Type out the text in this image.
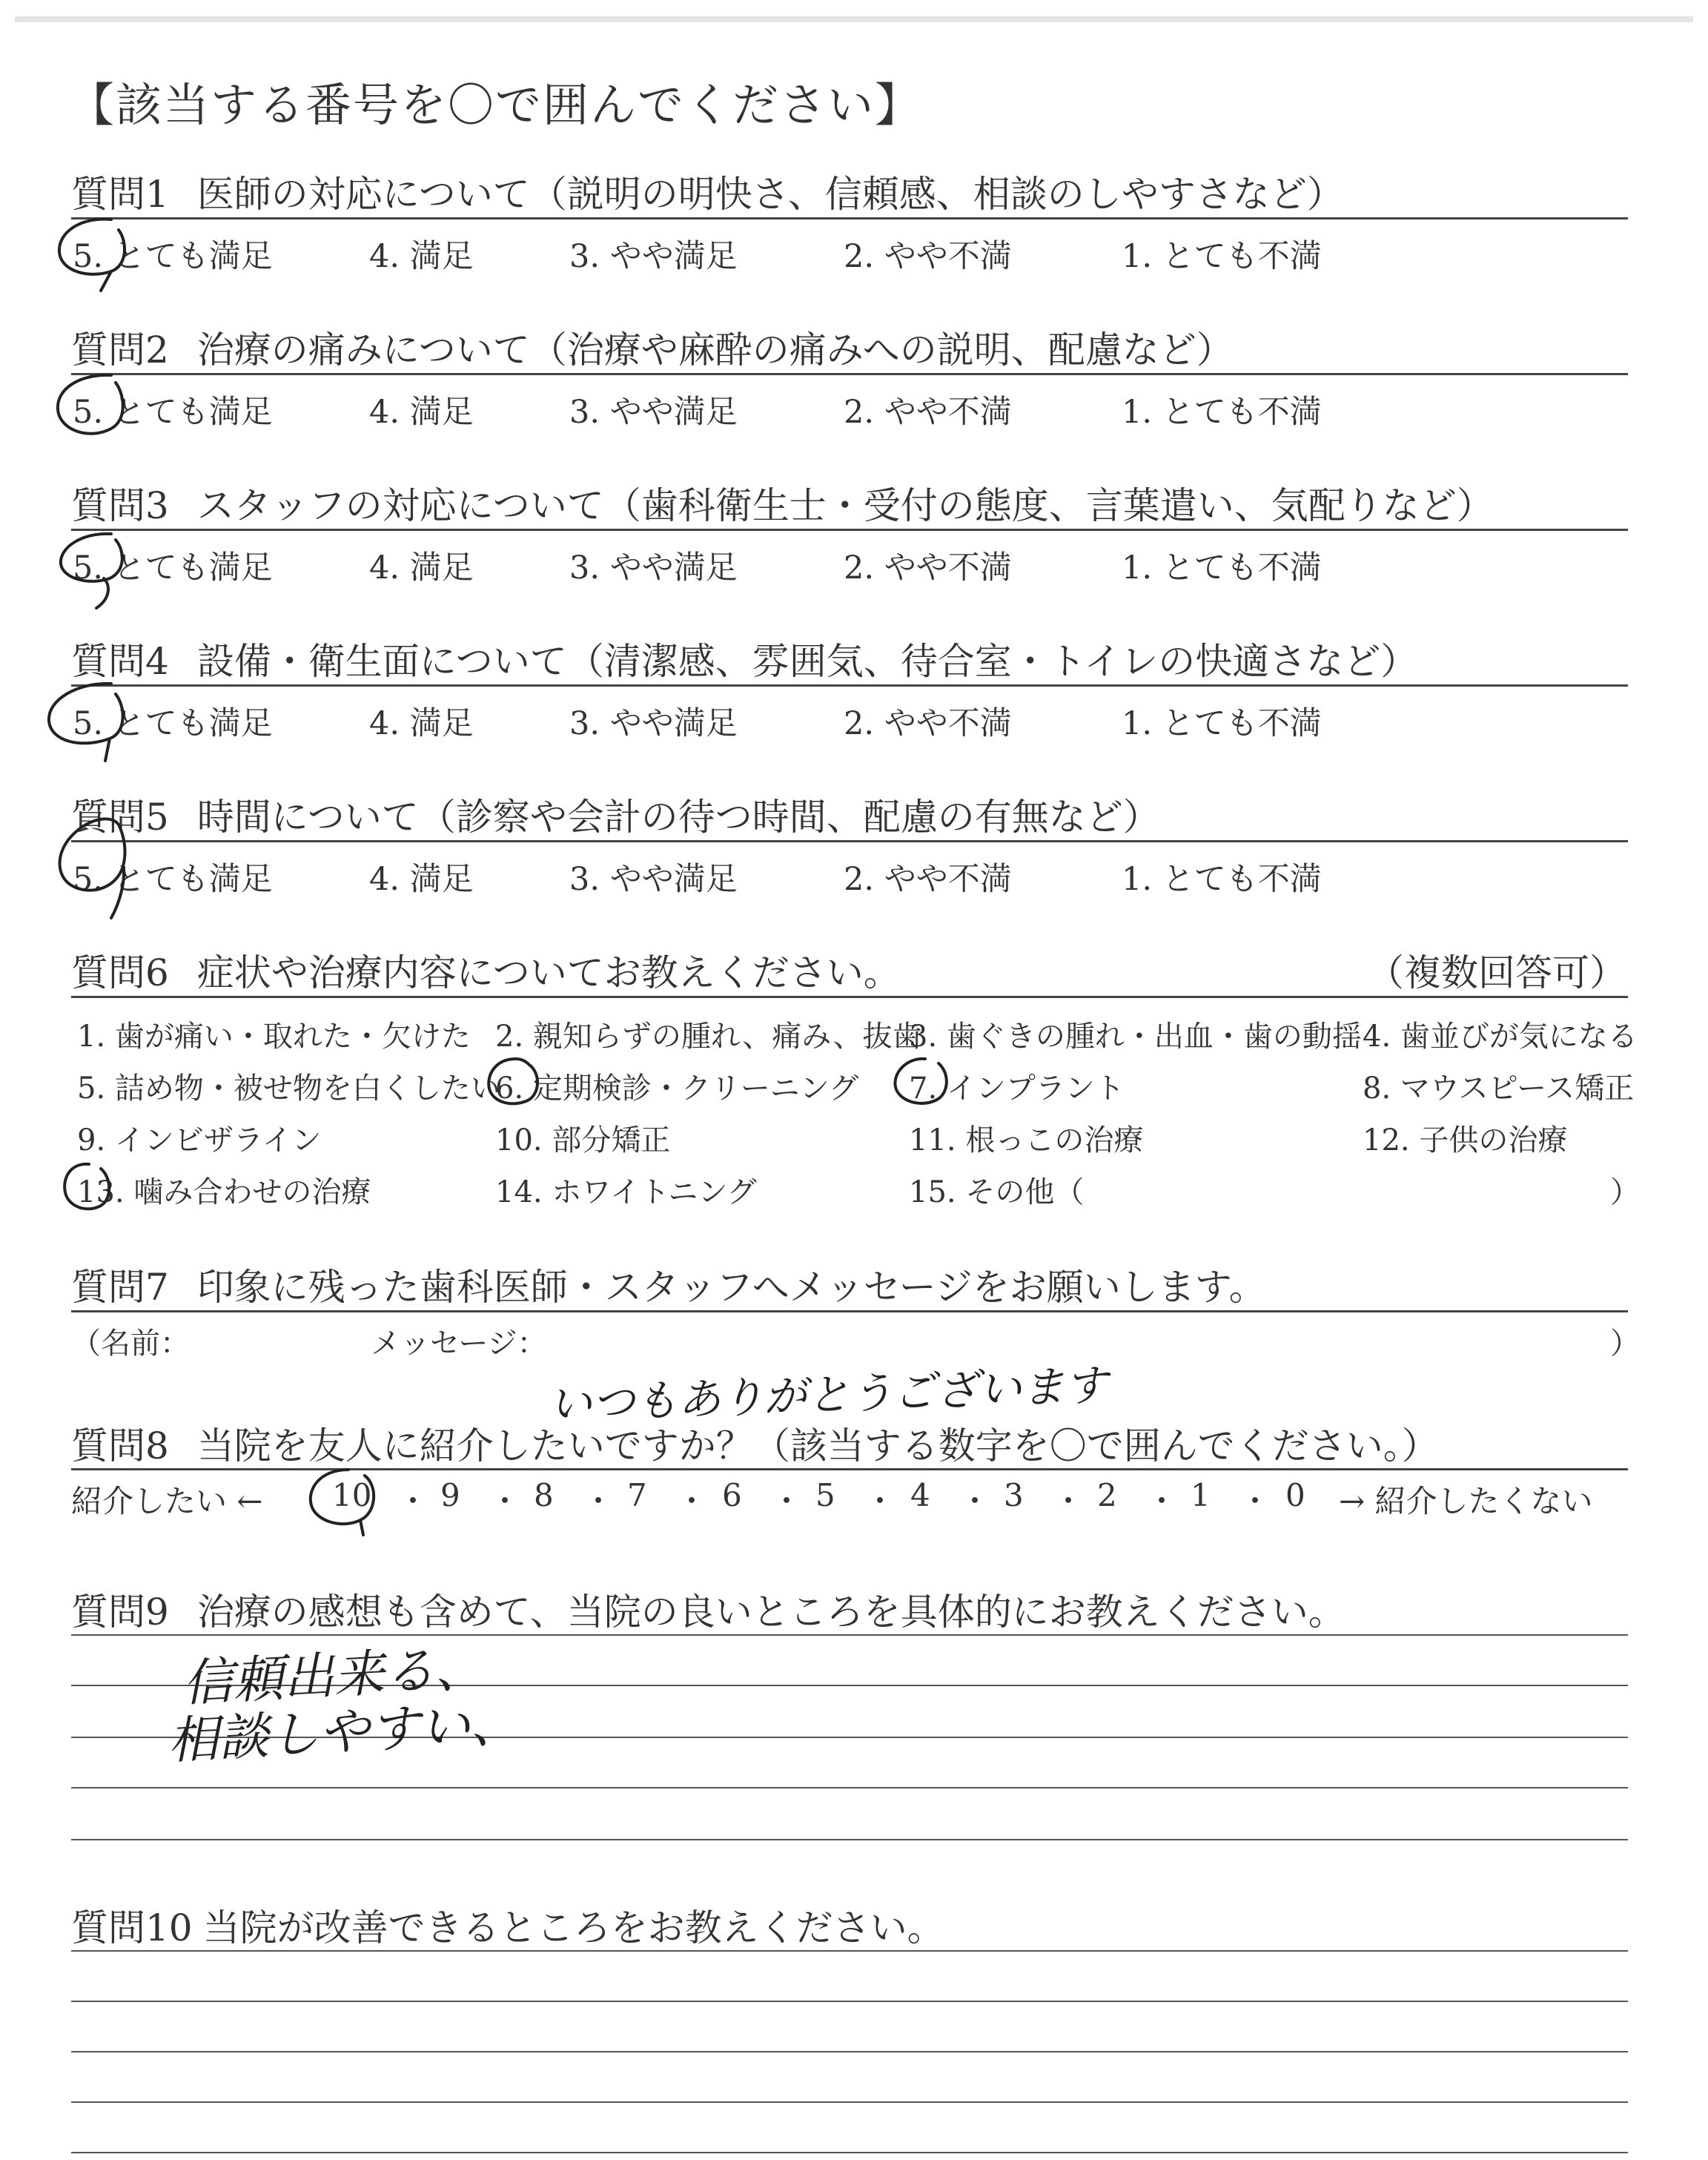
【該当する番号を〇で囲んでください】
質問1 医師の対応について（説明の明快さ、信頼感、相談のしやすさなど）
5. とても満足	4. 満足	3. やや満足	2. やや不満	1. とても不満
質問2 治療の痛みについて（治療や麻酔の痛みへの説明、配慮など）
5. とても満足	4. 満足	3. やや満足	2. やや不満	1. とても不満
質問3 スタッフの対応について（歯科衛生士・受付の態度、言葉遣い、気配りなど）
5. とても満足	4. 満足	3. やや満足	2. やや不満	1. とても不満
質問4 設備・衛生面について（清潔感、雰囲気、待合室・トイレの快適さなど）
5. とても満足	4. 満足	3. やや満足	2. やや不満	1. とても不満
質問5 時間について（診察や会計の待つ時間、配慮の有無など）
5. とても満足	4. 満足	3. やや満足	2. やや不満	1. とても不満
質問6 症状や治療内容についてお教えください。	（複数回答可）
1. 歯が痛い・取れた・欠けた 2. 親知らずの腫れ、痛み、抜歯
3. 歯ぐきの腫れ・出血・歯の動揺 4. 歯並びが気になる
5. 詰め物・被せ物を白くしたい
6. 定期検診・クリーニング 7. インプラント	8. マウスピース矯正
9. インビザライン	10. 部分矯正	11. 根っこの治療	12. 子供の治療
13. 噛み合わせの治療	14. ホワイトニング	15. その他（	）
質問7 印象に残った歯科医師・スタッフへメッセージをお願いします。
（名前：	メッセージ：	）
いつもありがとうございます
質問8 当院を友人に紹介したいですか？（該当する数字を〇で囲んでください。）
紹介したい ← 10 ・ 9 ・ 8 ・ 7 ・ 6 ・ 5 ・ 4 ・ 3 ・ 2 ・ 1 ・ 0 → 紹介したくない
質問9 治療の感想も含めて、当院の良いところを具体的にお教えください。
信頼出来る、
相談しやすい、
質問10 当院が改善できるところをお教えください。
